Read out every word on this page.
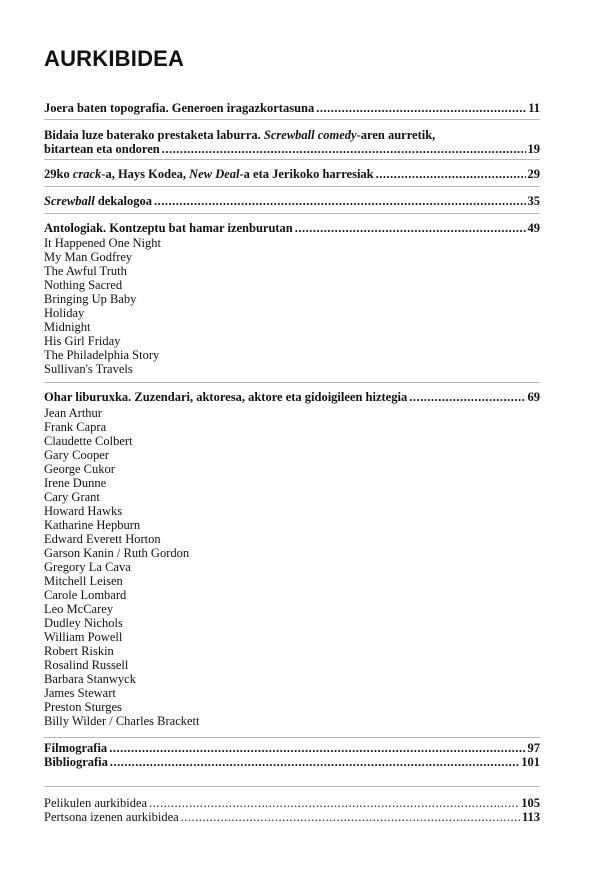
AURKIBIDEA
Joera baten topografia. Generoen iragazkortasuna .....	11
Bidaia luze baterako prestaketa laburra. Screwball comedy-aren aurretik,
bitartean eta ondoren .....	19
29ko crack-a, Hays Kodea, New Deal-a eta Jerikoko harresiak .....	29
Screwball dekalogoa .....	35
Antologiak. Kontzeptu bat hamar izenburutan .....	49
It Happened One Night
My Man Godfrey
The Awful Truth
Nothing Sacred
Bringing Up Baby
Holiday
Midnight
His Girl Friday
The Philadelphia Story
Sullivan's Travels
Ohar liburuxka. Zuzendari, aktoresa, aktore eta gidoigileen hiztegia .....	69
Jean Arthur
Frank Capra
Claudette Colbert
Gary Cooper
George Cukor
Irene Dunne
Cary Grant
Howard Hawks
Katharine Hepburn
Edward Everett Horton
Garson Kanin / Ruth Gordon
Gregory La Cava
Mitchell Leisen
Carole Lombard
Leo McCarey
Dudley Nichols
William Powell
Robert Riskin
Rosalind Russell
Barbara Stanwyck
James Stewart
Preston Sturges
Billy Wilder / Charles Brackett
Filmografia .....	97
Bibliografia .....	101
Pelikulen aurkibidea .....	105
Pertsona izenen aurkibidea .....	113
